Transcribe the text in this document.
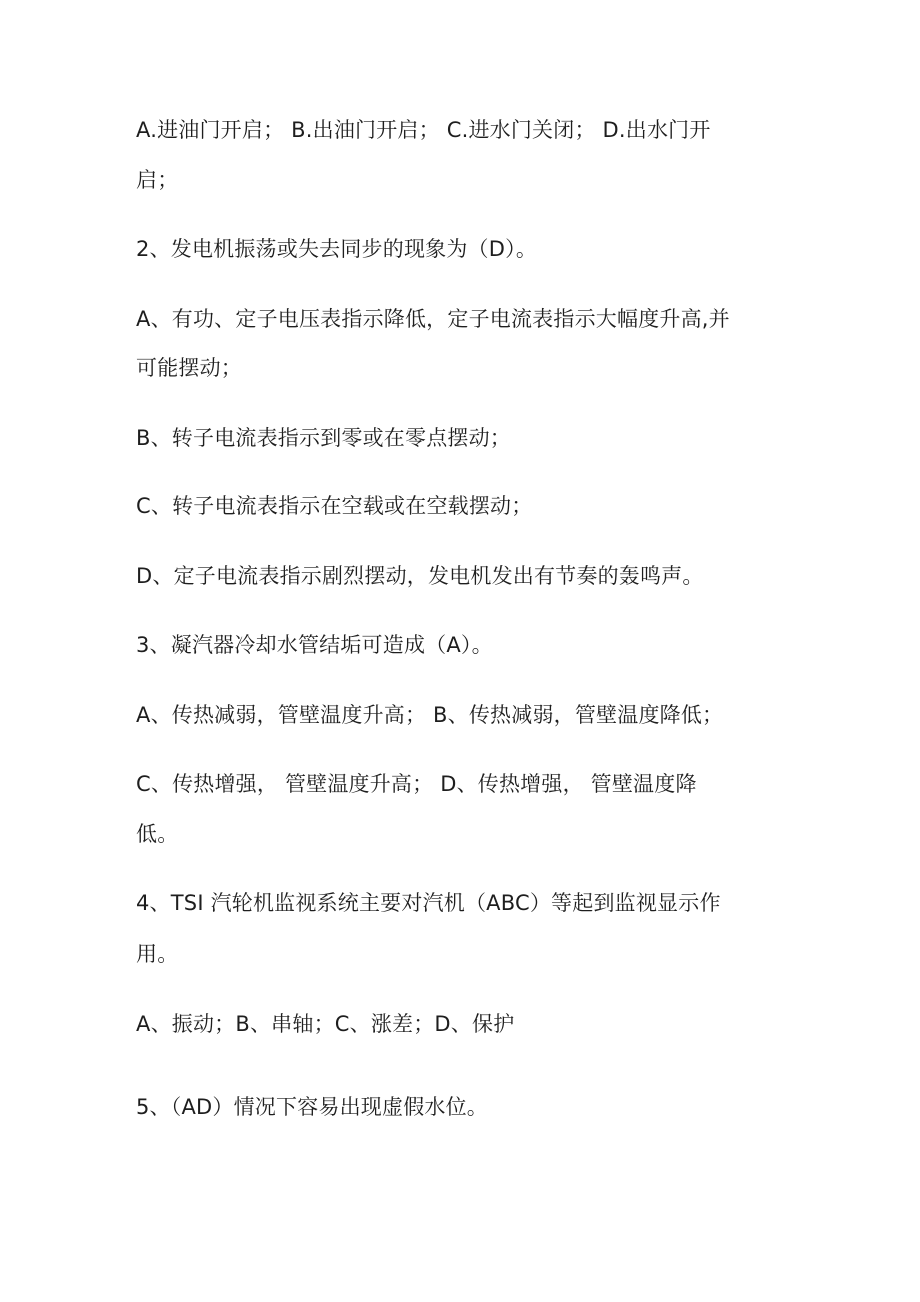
A.进油门开启； B.出油门开启； C.进水门关闭； D.出水门开
启；
2、发电机振荡或失去同步的现象为（D）。
A、有功、定子电压表指示降低，定子电流表指示大幅度升高,并
可能摆动；
B、转子电流表指示到零或在零点摆动；
C、转子电流表指示在空载或在空载摆动；
D、定子电流表指示剧烈摆动，发电机发出有节奏的轰鸣声。
3、凝汽器冷却水管结垢可造成（A）。
A、传热减弱，管壁温度升高； B、传热减弱，管壁温度降低；
C、传热增强， 管壁温度升高； D、传热增强， 管壁温度降
低。
4、TSI 汽轮机监视系统主要对汽机（ABC）等起到监视显示作
用。
A、振动；B、串轴；C、涨差；D、保护
5、（AD）情况下容易出现虚假水位。
